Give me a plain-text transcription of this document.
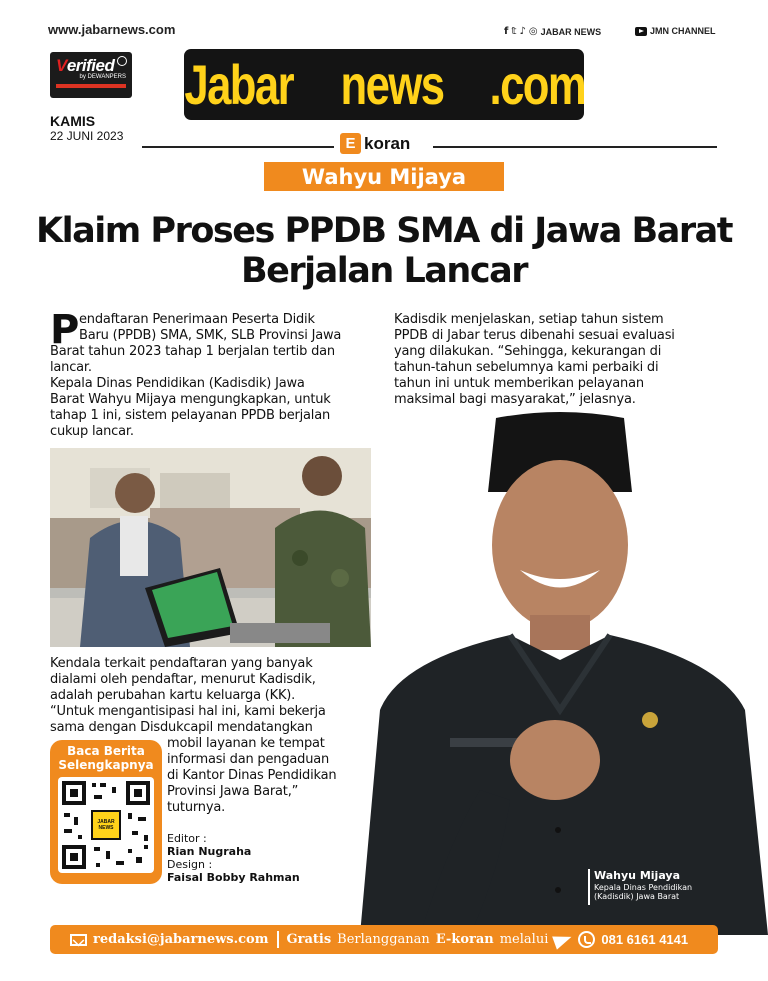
www.jabarnews.com	f 𝕥 ♪ ◎ JABAR NEWS	JMN CHANNEL
Verified
by DEWANPERS Jabar news .com
KAMIS
22 JUNI 2023	E koran
Wahyu Mijaya
Klaim Proses PPDB SMA di Jawa Barat
Berjalan Lancar
P endaftaran Penerimaan Peserta Didik
Baru (PPDB) SMA, SMK, SLB Provinsi Jawa
Barat tahun 2023 tahap 1 berjalan tertib dan
lancar.
Kepala Dinas Pendidikan (Kadisdik) Jawa
Barat Wahyu Mijaya mengungkapkan, untuk
tahap 1 ini, sistem pelayanan PPDB berjalan
cukup lancar.
Kadisdik menjelaskan, setiap tahun sistem
PPDB di Jabar terus dibenahi sesuai evaluasi
yang dilakukan. “Sehingga, kekurangan di
tahun-tahun sebelumnya kami perbaiki di
tahun ini untuk memberikan pelayanan
maksimal bagi masyarakat,” jelasnya.
Wahyu Mijaya
Kepala Dinas Pendidikan
(Kadisdik) Jawa Barat
Kendala terkait pendaftaran yang banyak
dialami oleh pendaftar, menurut Kadisdik,
adalah perubahan kartu keluarga (KK).
“Untuk mengantisipasi hal ini, kami bekerja
sama dengan Disdukcapil mendatangkan
mobil layanan ke tempat
informasi dan pengaduan
di Kantor Dinas Pendidikan
Provinsi Jawa Barat,”
tuturnya.
Baca Berita
Selengkapnya
JABAR NEWS
Editor :
Rian Nugraha
Design :
Faisal Bobby Rahman
redaksi@jabarnews.com Gratis Berlangganan E-koran melalui	081 6161 4141
